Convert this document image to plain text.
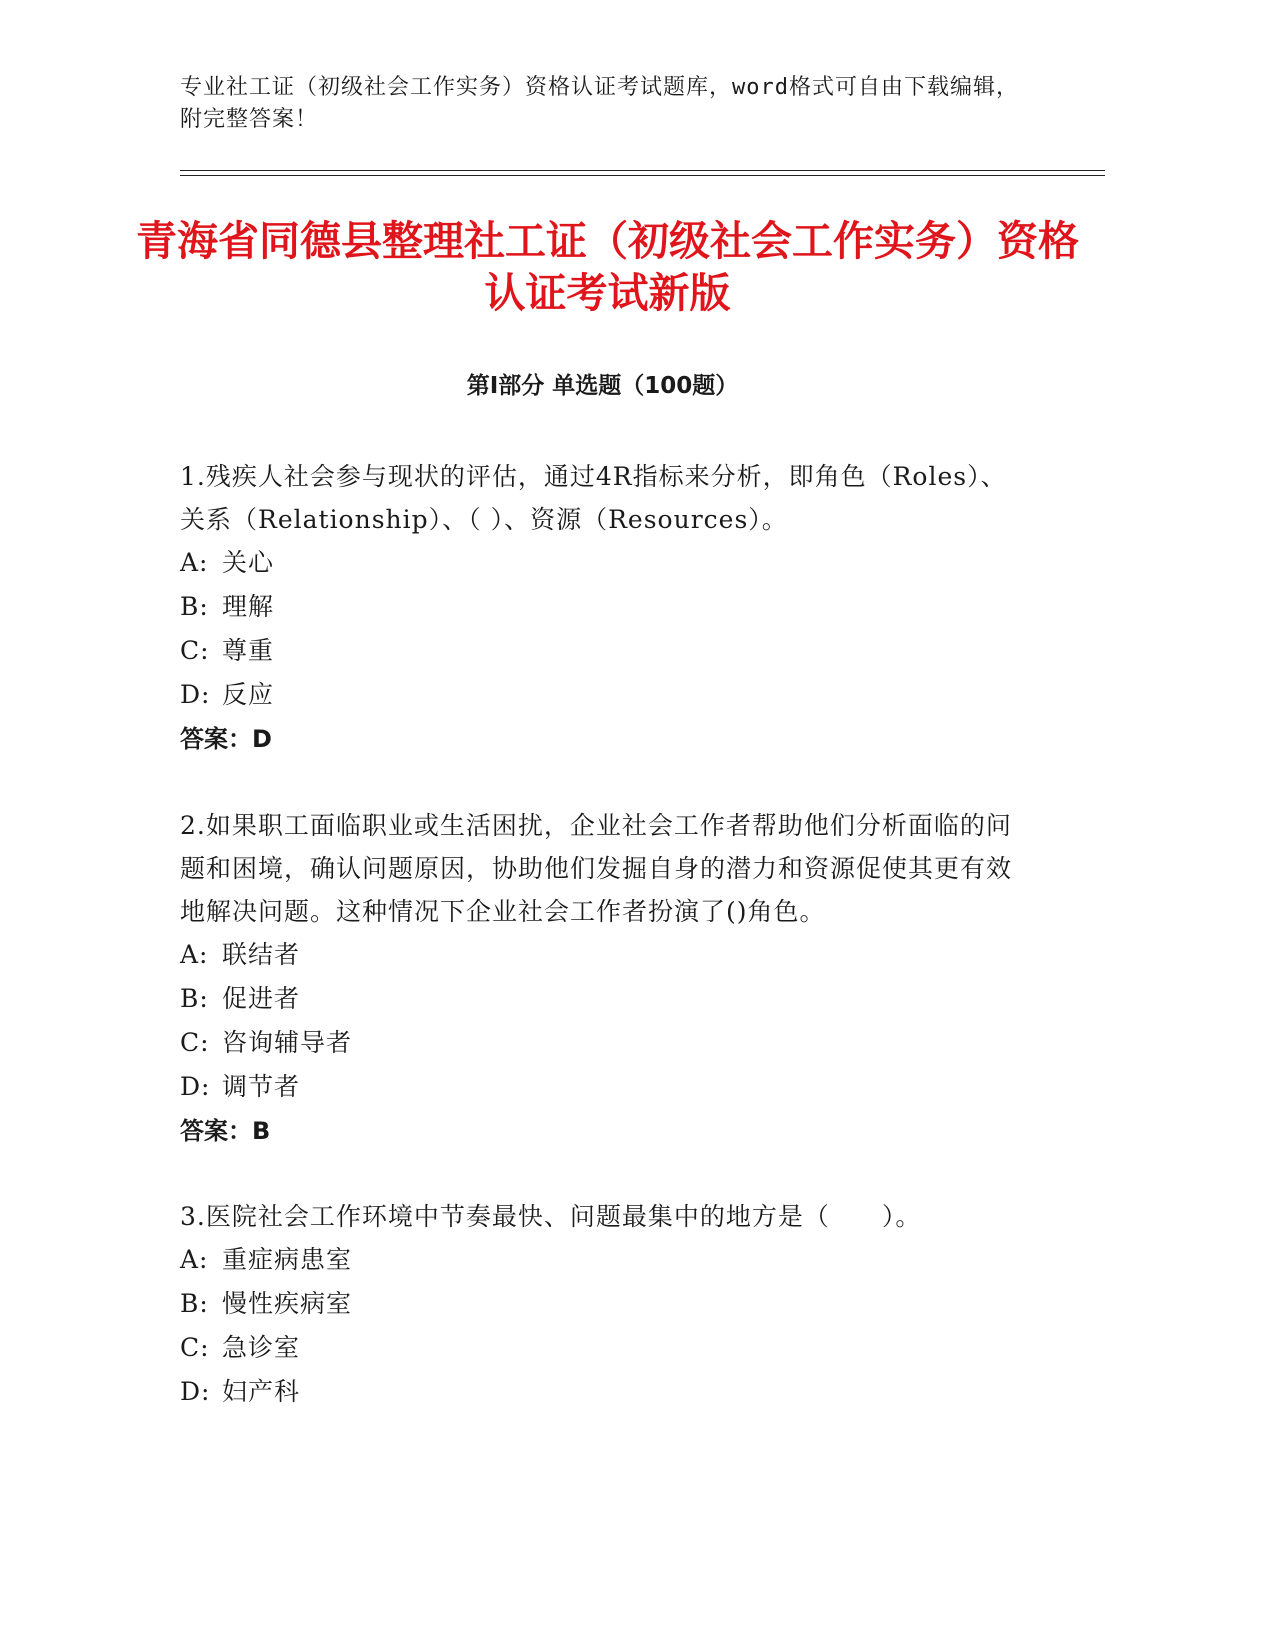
专业社工证（初级社会工作实务）资格认证考试题库，word格式可自由下载编辑，附完整答案！
青海省同德县整理社工证（初级社会工作实务）资格认证考试新版
第Ⅰ部分 单选题（100题）
1.残疾人社会参与现状的评估，通过4R指标来分析，即角色（Roles）、关系（Relationship）、（ ）、资源（Resources）。
A: 关心
B: 理解
C: 尊重
D: 反应
答案：D
2.如果职工面临职业或生活困扰，企业社会工作者帮助他们分析面临的问题和困境，确认问题原因，协助他们发掘自身的潜力和资源促使其更有效地解决问题。这种情况下企业社会工作者扮演了()角色。
A: 联结者
B: 促进者
C: 咨询辅导者
D: 调节者
答案：B
3.医院社会工作环境中节奏最快、问题最集中的地方是（　　）。
A: 重症病患室
B: 慢性疾病室
C: 急诊室
D: 妇产科
